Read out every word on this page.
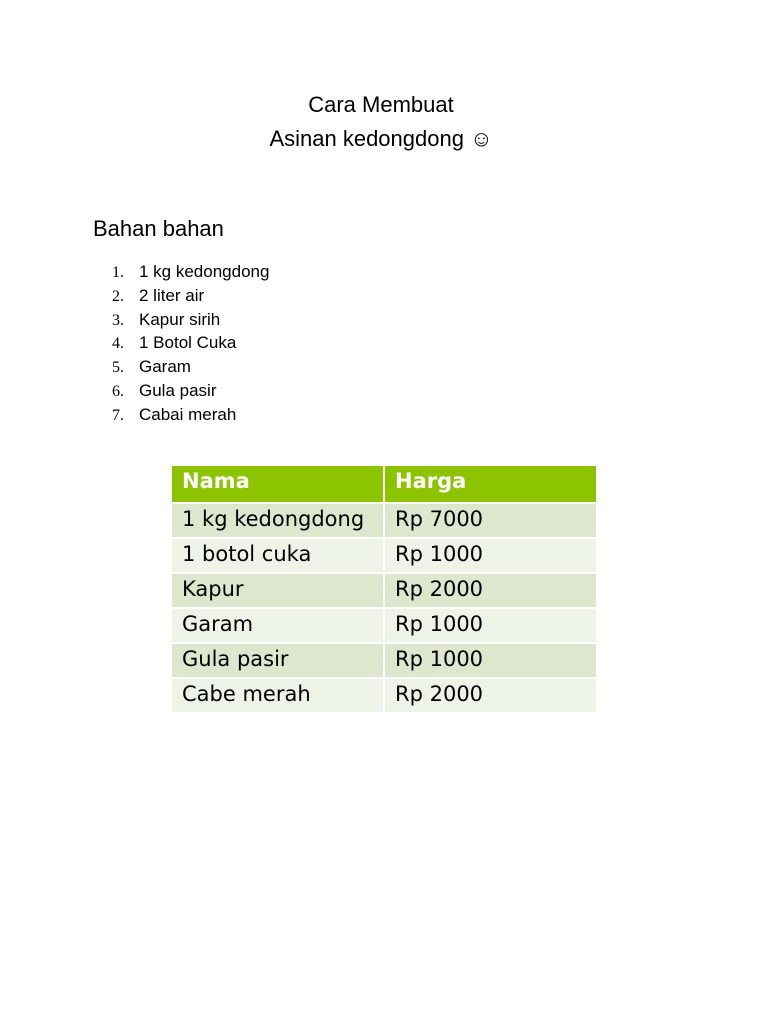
Cara Membuat
Asinan kedongdong ☺
Bahan bahan
1. 1 kg kedongdong
2. 2 liter air
3. Kapur sirih
4. 1 Botol Cuka
5. Garam
6. Gula pasir
7. Cabai merah
Nama	Harga
1 kg kedongdong	Rp 7000
1 botol cuka	Rp 1000
Kapur	Rp 2000
Garam	Rp 1000
Gula pasir	Rp 1000
Cabe merah	Rp 2000
